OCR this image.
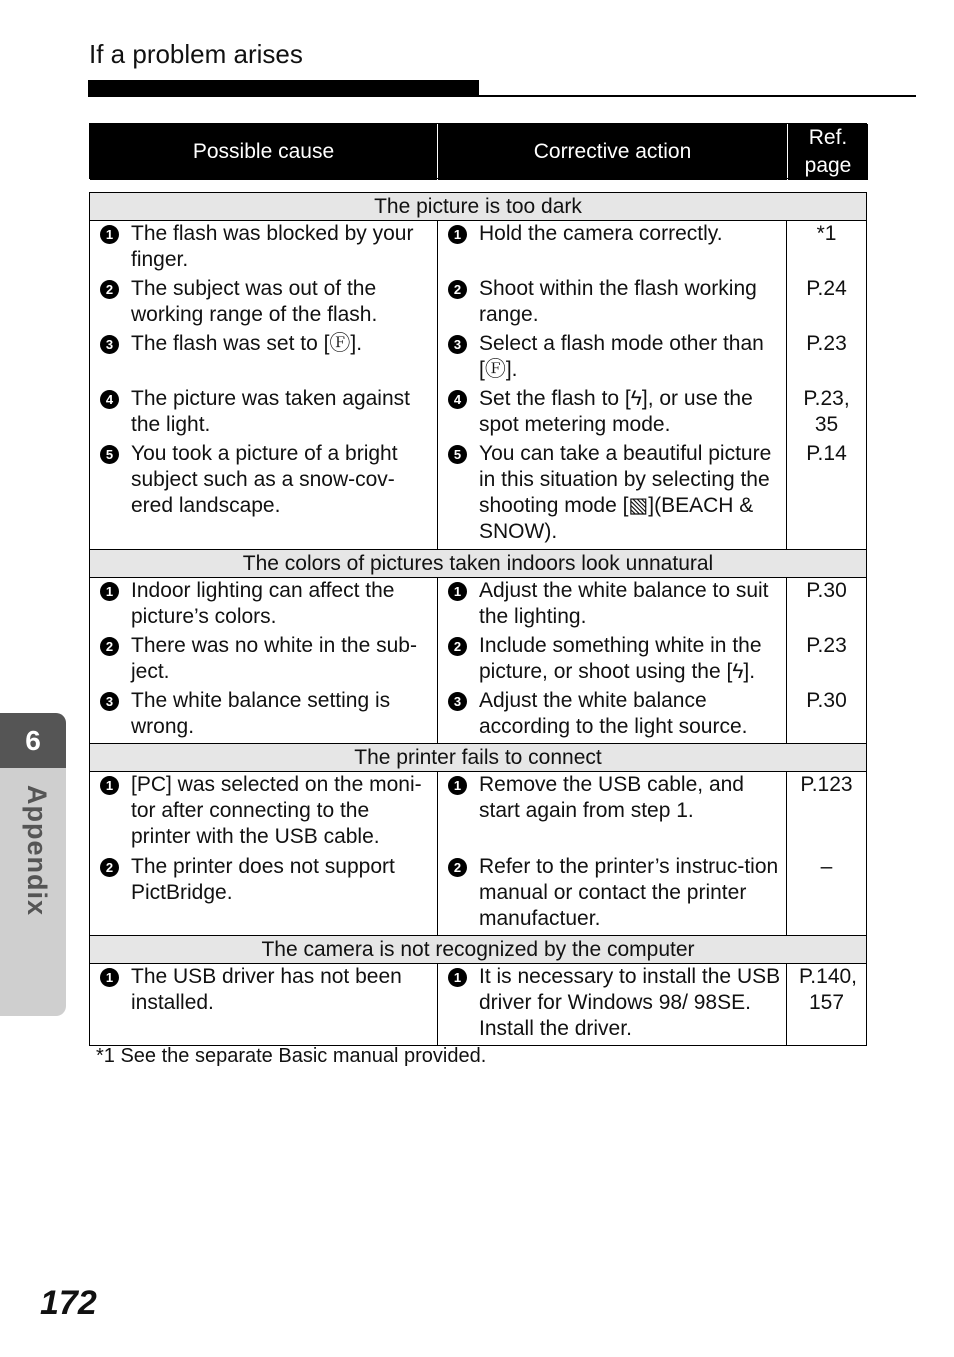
If a problem arises
Possible cause	Corrective action
Ref. page
The picture is too dark
1 The flash was blocked by your finger.
2 The subject was out of the working range of the flash.
3 The flash was set to [Ⓕ].
4 The picture was taken against the light.
5 You took a picture of a bright subject such as a snow-cov-ered landscape.
1 Hold the camera correctly.
2 Shoot within the flash working range.
3 Select a flash mode other than [Ⓕ].
4 Set the flash to [ϟ], or use the spot metering mode.
5 You can take a beautiful picture in this situation by selecting the shooting mode [▧](BEACH & SNOW).
*1
P.24
P.23
P.23, 35
P.14
The colors of pictures taken indoors look unnatural
1 Indoor lighting can affect the picture’s colors.
2 There was no white in the sub-ject.
3 The white balance setting is wrong.
1 Adjust the white balance to suit the lighting.
2 Include something white in the picture, or shoot using the [ϟ].
3 Adjust the white balance according to the light source.
P.30
P.23
P.30
The printer fails to connect
1 [PC] was selected on the moni-tor after connecting to the printer with the USB cable.
2 The printer does not support PictBridge.
1 Remove the USB cable, and start again from step 1.
2 Refer to the printer’s instruc-tion manual or contact the printer manufactuer.
P.123
–
The camera is not recognized by the computer
1 The USB driver has not been installed.
1 It is necessary to install the USB driver for Windows 98/ 98SE. Install the driver.
P.140, 157
*1 See the separate Basic manual provided.
6
Appendix
172
